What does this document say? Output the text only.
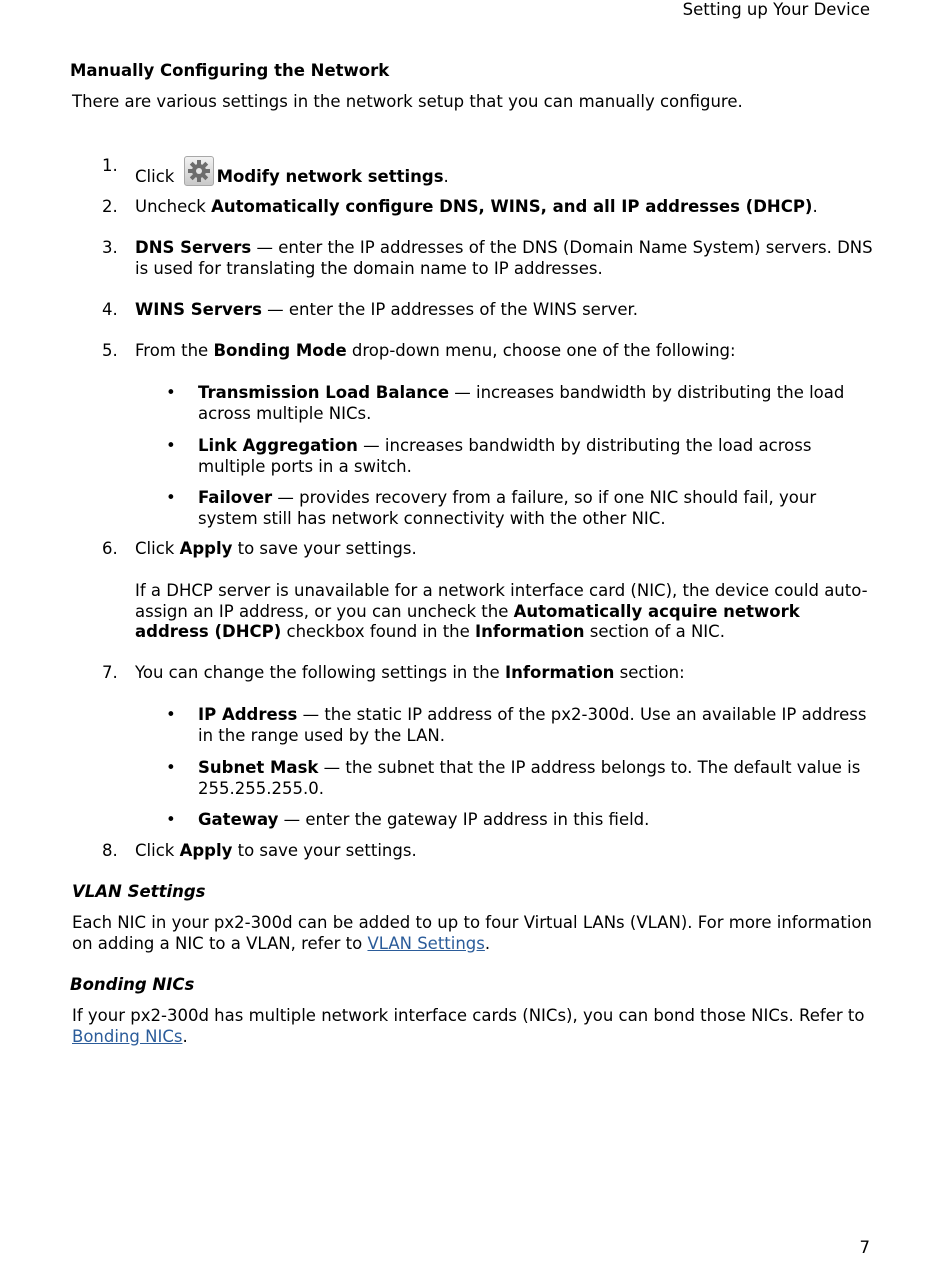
Setting up Your Device
Manually Configuring the Network
There are various settings in the network setup that you can manually configure.
1.
Click
Modify network settings.
2.	Uncheck Automatically configure DNS, WINS, and all IP addresses (DHCP).
3.	DNS Servers — enter the IP addresses of the DNS (Domain Name System) servers. DNS is used for translating the domain name to IP addresses.
4.	WINS Servers — enter the IP addresses of the WINS server.
5.	From the Bonding Mode drop-down menu, choose one of the following:
•	Transmission Load Balance — increases bandwidth by distributing the load across multiple NICs.
•	Link Aggregation — increases bandwidth by distributing the load across multiple ports in a switch.
•	Failover — provides recovery from a failure, so if one NIC should fail, your system still has network connectivity with the other NIC.
6.	Click Apply to save your settings.
If a DHCP server is unavailable for a network interface card (NIC), the device could auto-assign an IP address, or you can uncheck the Automatically acquire network address (DHCP) checkbox found in the Information section of a NIC.
7.	You can change the following settings in the Information section:
•	IP Address — the static IP address of the px2-300d. Use an available IP address in the range used by the LAN.
•	Subnet Mask — the subnet that the IP address belongs to. The default value is 255.255.255.0.
•	Gateway — enter the gateway IP address in this field.
8.	Click Apply to save your settings.
VLAN Settings
Each NIC in your px2-300d can be added to up to four Virtual LANs (VLAN). For more information on adding a NIC to a VLAN, refer to VLAN Settings.
Bonding NICs
If your px2-300d has multiple network interface cards (NICs), you can bond those NICs. Refer to Bonding NICs.
7
